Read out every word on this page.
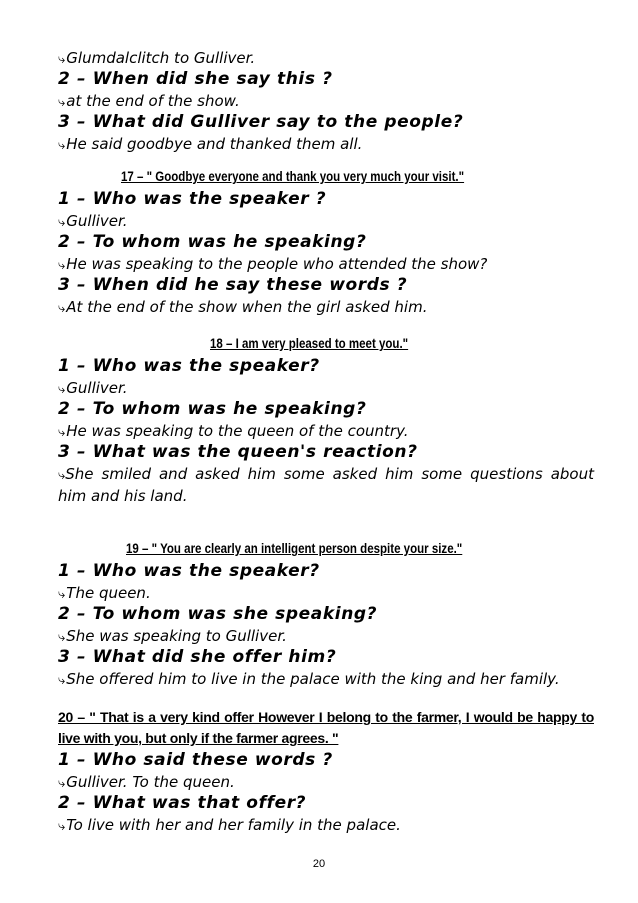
⤷Glumdalclitch to Gulliver.

2 – When did she say this ?

⤷at the end of the show.

3 – What did Gulliver say to the people?

⤷He said goodbye and thanked them all.

17 – " Goodbye everyone and thank you very much your visit."

1 – Who was the speaker ?

⤷Gulliver.

2 – To whom was he speaking?

⤷He was speaking to the people who attended the show?

3 – When did he say these words ?

⤷At the end of the show when the girl asked him.

18 – I am very pleased to meet you."

1 – Who was the speaker?

⤷Gulliver.

2 – To whom was he speaking?

⤷He was speaking to the queen of the country.

3 – What was the queen's reaction?

⤷She smiled and asked him some asked him some questions about him and his land.

19 – " You are clearly an intelligent person despite your size."

1 – Who was the speaker?

⤷The queen.

2 – To whom was she speaking?

⤷She was speaking to Gulliver.

3 – What did she offer him?

⤷She offered him to live in the palace with the king and her family.

20 – " That is a very kind offer However I belong to the farmer, I would be happy to live with you, but only if the farmer agrees. "

1 – Who said these words ?

⤷Gulliver. To the queen.

2 – What was that offer?

⤷To live with her and her family in the palace.

20
